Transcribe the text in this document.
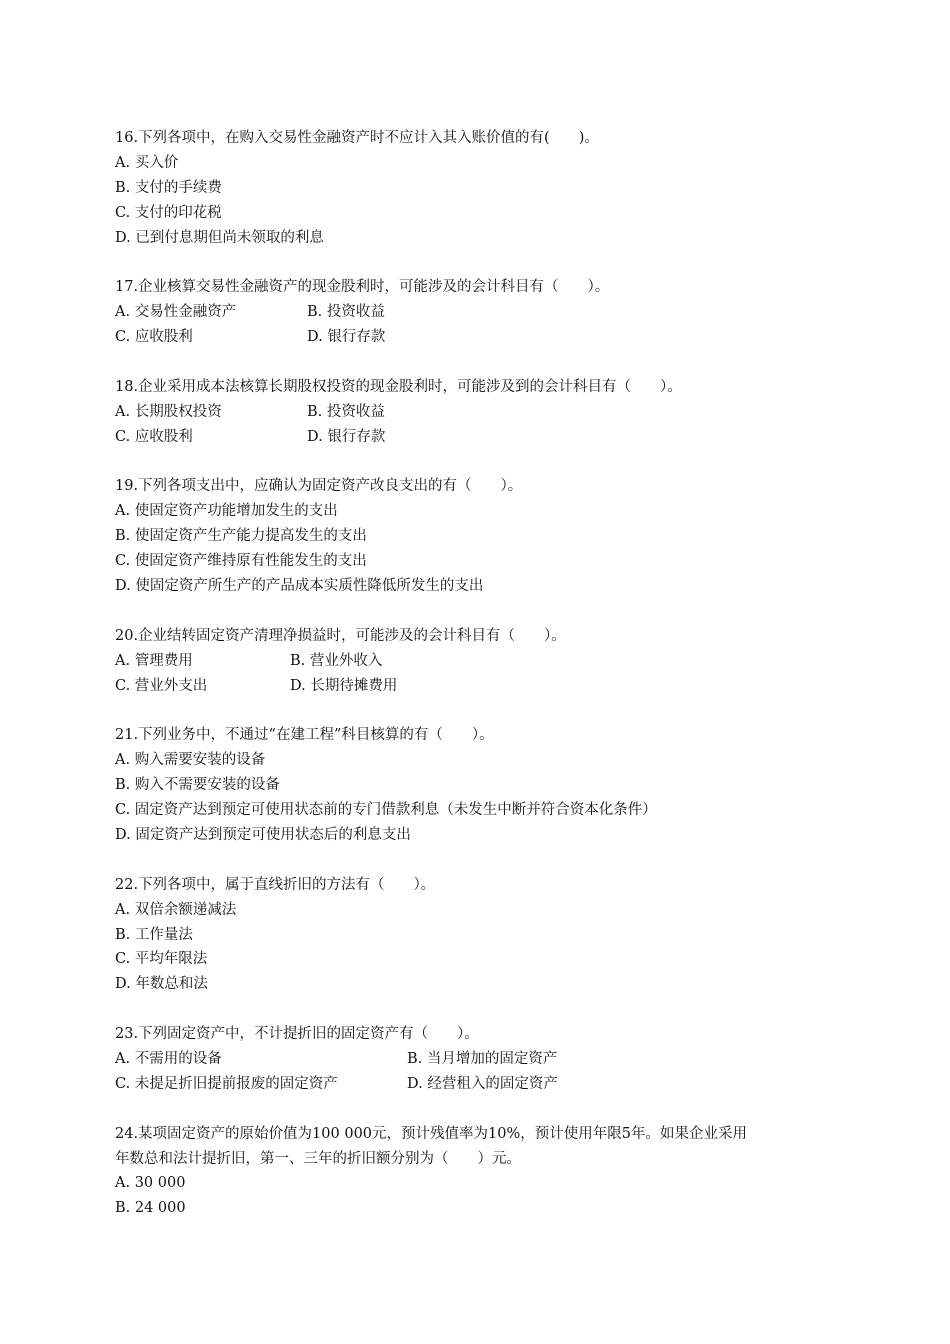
16.下列各项中，在购入交易性金融资产时不应计入其入账价值的有(　　)。
A. 买入价
B. 支付的手续费
C. 支付的印花税
D. 已到付息期但尚未领取的利息
17.企业核算交易性金融资产的现金股利时，可能涉及的会计科目有（　　）。
A. 交易性金融资产	B. 投资收益
C. 应收股利	D. 银行存款
18.企业采用成本法核算长期股权投资的现金股利时，可能涉及到的会计科目有（　　）。
A. 长期股权投资	B. 投资收益
C. 应收股利	D. 银行存款
19.下列各项支出中，应确认为固定资产改良支出的有（　　）。
A. 使固定资产功能增加发生的支出
B. 使固定资产生产能力提高发生的支出
C. 使固定资产维持原有性能发生的支出
D. 使固定资产所生产的产品成本实质性降低所发生的支出
20.企业结转固定资产清理净损益时，可能涉及的会计科目有（　　）。
A. 管理费用	B. 营业外收入
C. 营业外支出	D. 长期待摊费用
21.下列业务中，不通过“在建工程”科目核算的有（　　）。
A. 购入需要安装的设备
B. 购入不需要安装的设备
C. 固定资产达到预定可使用状态前的专门借款利息（未发生中断并符合资本化条件）
D. 固定资产达到预定可使用状态后的利息支出
22.下列各项中，属于直线折旧的方法有（　　）。
A. 双倍余额递减法
B. 工作量法
C. 平均年限法
D. 年数总和法
23.下列固定资产中，不计提折旧的固定资产有（　　）。
A. 不需用的设备	B. 当月增加的固定资产
C. 未提足折旧提前报废的固定资产	D. 经营租入的固定资产
24.某项固定资产的原始价值为100 000元，预计残值率为10%，预计使用年限5年。如果企业采用
年数总和法计提折旧，第一、三年的折旧额分别为（　　）元。
A. 30 000
B. 24 000
